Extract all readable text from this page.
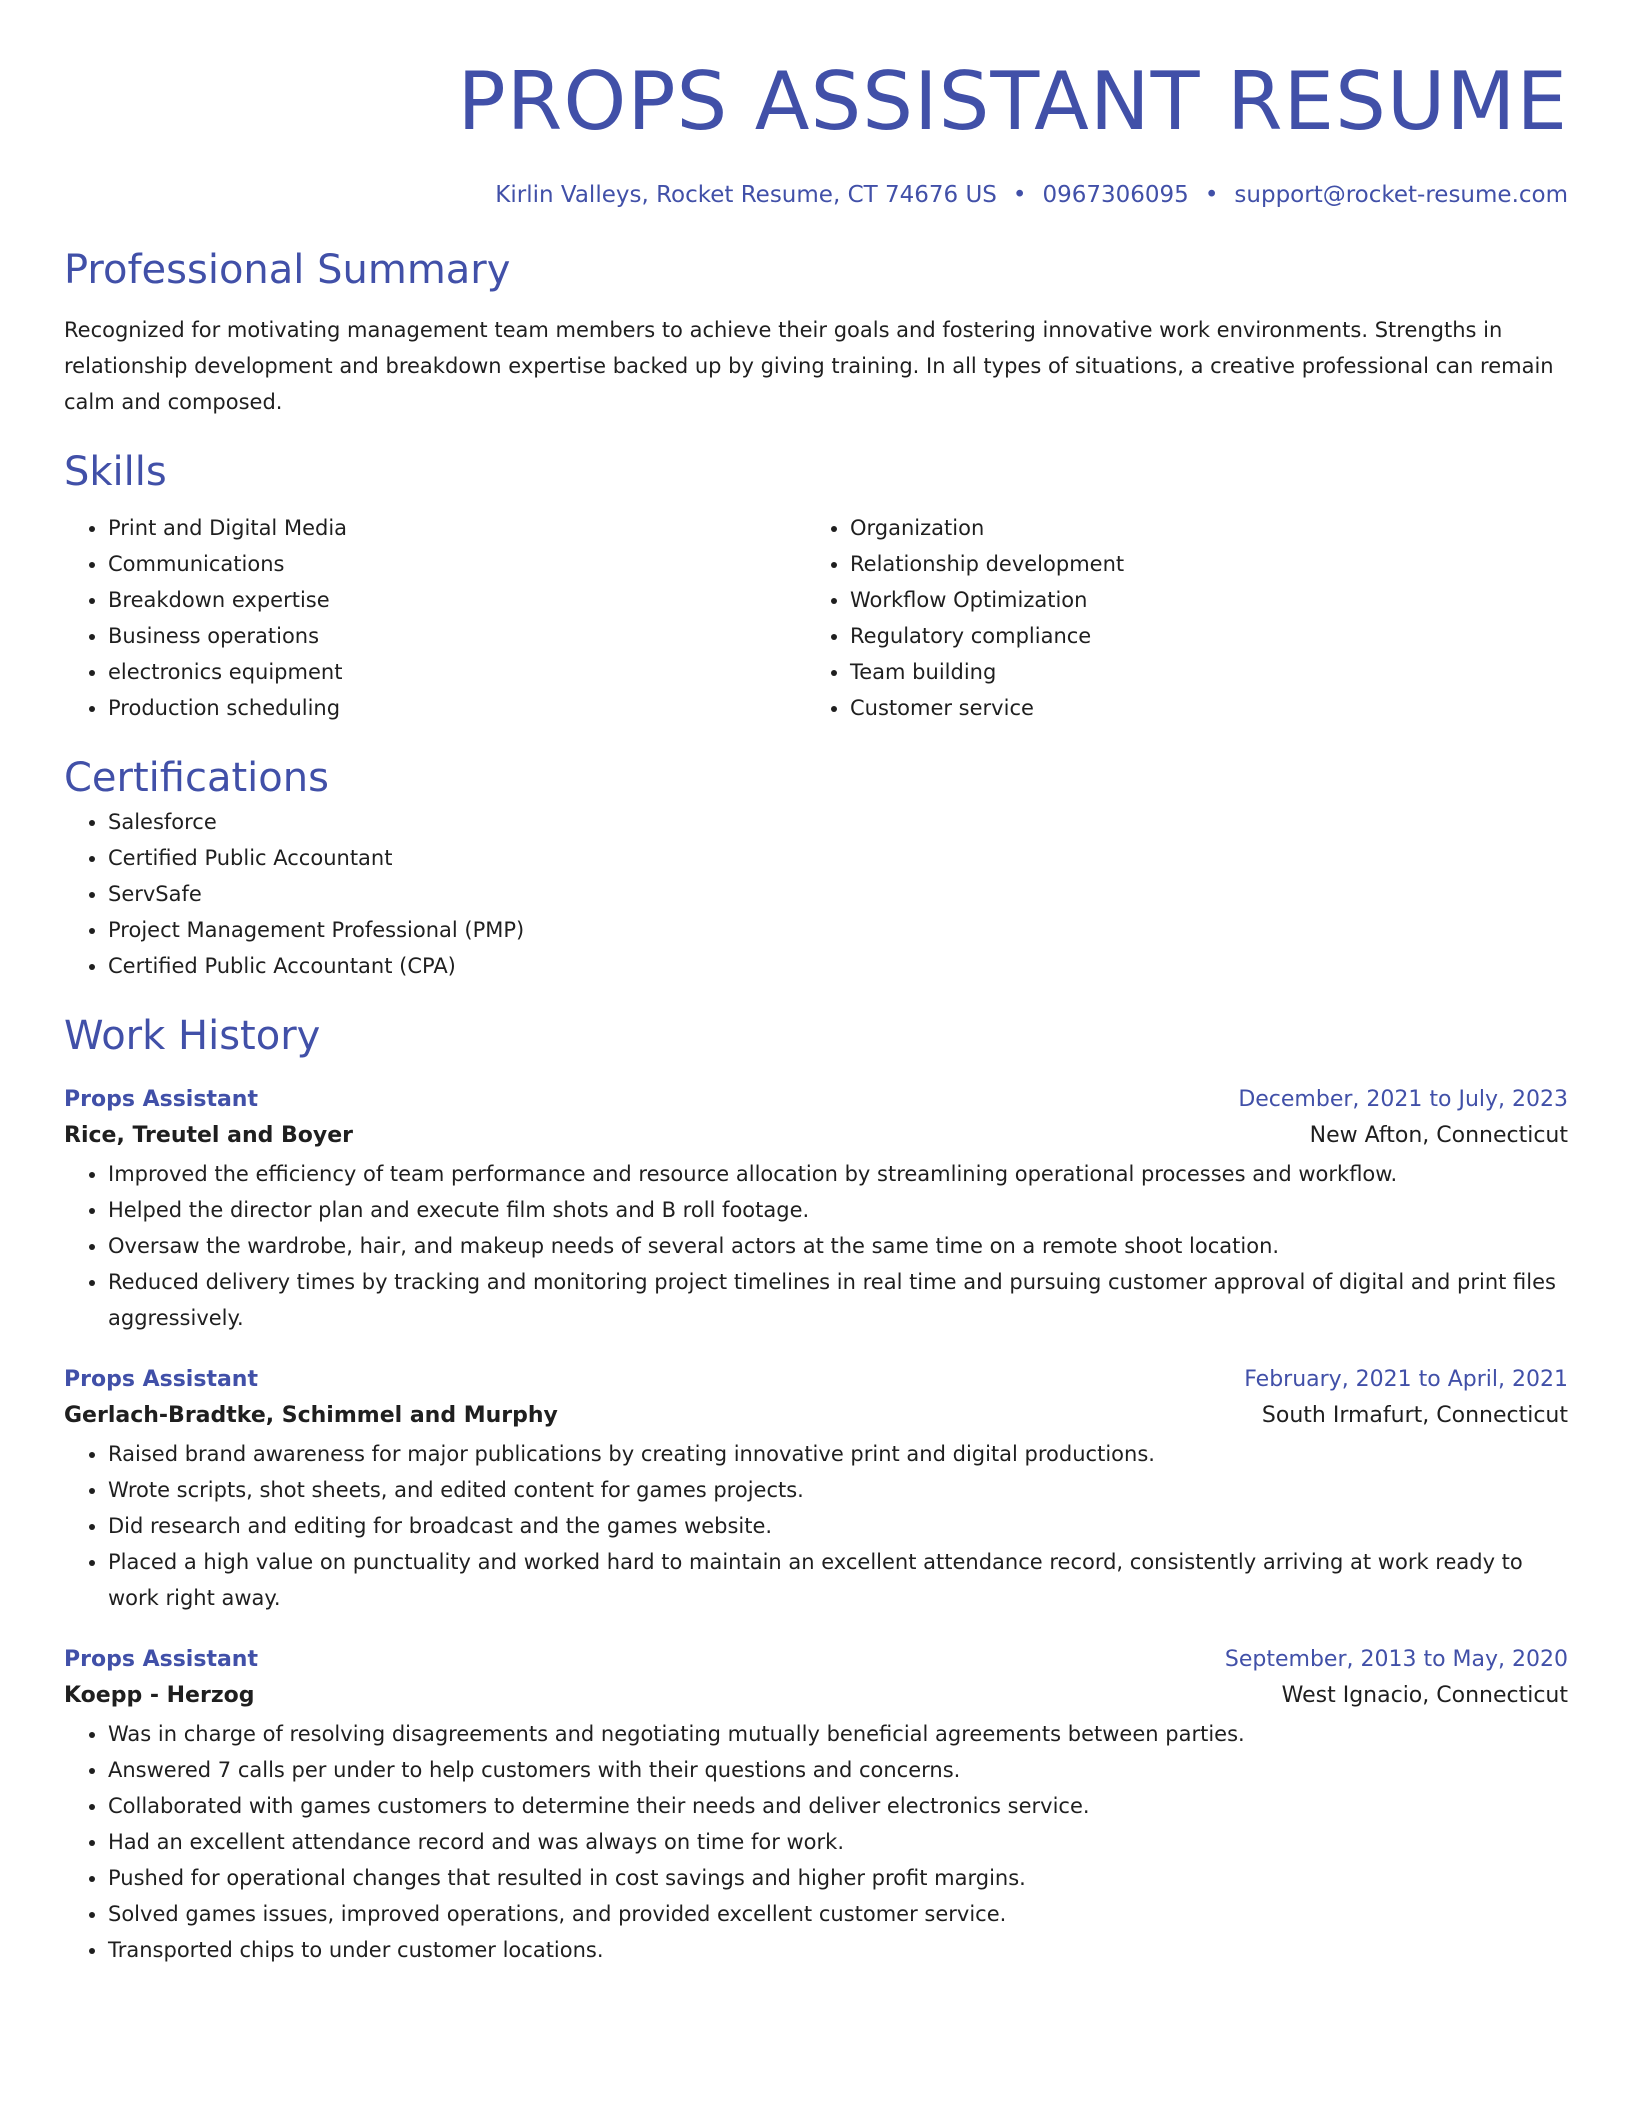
PROPS ASSISTANT RESUME
Kirlin Valleys, Rocket Resume, CT 74676 US • 0967306095 • support@rocket-resume.com
Professional Summary

Recognized for motivating management team members to achieve their goals and fostering innovative work environments. Strengths in relationship development and breakdown expertise backed up by giving training. In all types of situations, a creative professional can remain calm and composed.

Skills
• Print and Digital Media
• Communications
• Breakdown expertise
• Business operations
• electronics equipment
• Production scheduling
• Organization
• Relationship development
• Workflow Optimization
• Regulatory compliance
• Team building
• Customer service
Certifications
• Salesforce
• Certified Public Accountant
• ServSafe
• Project Management Professional (PMP)
• Certified Public Accountant (CPA)
Work History
Props Assistant	December, 2021 to July, 2023
Rice, Treutel and Boyer	New Afton, Connecticut
• Improved the efficiency of team performance and resource allocation by streamlining operational processes and workflow.
• Helped the director plan and execute film shots and B roll footage.
• Oversaw the wardrobe, hair, and makeup needs of several actors at the same time on a remote shoot location.
• Reduced delivery times by tracking and monitoring project timelines in real time and pursuing customer approval of digital and print files aggressively.
Props Assistant	February, 2021 to April, 2021
Gerlach-Bradtke, Schimmel and Murphy	South Irmafurt, Connecticut
• Raised brand awareness for major publications by creating innovative print and digital productions.
• Wrote scripts, shot sheets, and edited content for games projects.
• Did research and editing for broadcast and the games website.
• Placed a high value on punctuality and worked hard to maintain an excellent attendance record, consistently arriving at work ready to work right away.
Props Assistant	September, 2013 to May, 2020
Koepp - Herzog	West Ignacio, Connecticut
• Was in charge of resolving disagreements and negotiating mutually beneficial agreements between parties.
• Answered 7 calls per under to help customers with their questions and concerns.
• Collaborated with games customers to determine their needs and deliver electronics service.
• Had an excellent attendance record and was always on time for work.
• Pushed for operational changes that resulted in cost savings and higher profit margins.
• Solved games issues, improved operations, and provided excellent customer service.
• Transported chips to under customer locations.
